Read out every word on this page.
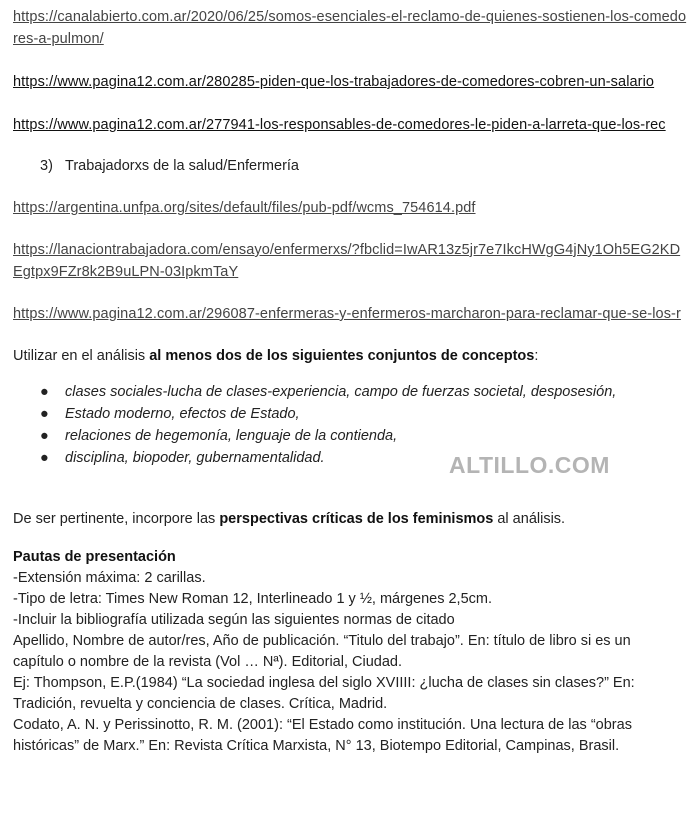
https://canalabierto.com.ar/2020/06/25/somos-esenciales-el-reclamo-de-quienes-sostienen-los-comedores-a-pulmon/
https://www.pagina12.com.ar/280285-piden-que-los-trabajadores-de-comedores-cobren-un-salario
https://www.pagina12.com.ar/277941-los-responsables-de-comedores-le-piden-a-larreta-que-los-rec
3) Trabajadorxs de la salud/Enfermería
https://argentina.unfpa.org/sites/default/files/pub-pdf/wcms_754614.pdf
https://lanaciontrabajadora.com/ensayo/enfermerxs/?fbclid=IwAR13z5jr7e7IkcHWgG4jNy1Oh5EG2KDEgtpx9FZr8k2B9uLPN-03IpkmTaY
https://www.pagina12.com.ar/296087-enfermeras-y-enfermeros-marcharon-para-reclamar-que-se-los-r
Utilizar en el análisis al menos dos de los siguientes conjuntos de conceptos:
● clases sociales-lucha de clases-experiencia, campo de fuerzas societal, desposesión,
● Estado moderno, efectos de Estado,
● relaciones de hegemonía, lenguaje de la contienda,
● disciplina, biopoder, gubernamentalidad.
De ser pertinente, incorpore las perspectivas críticas de los feminismos al análisis.
Pautas de presentación
-Extensión máxima: 2 carillas.
-Tipo de letra: Times New Roman 12, Interlineado 1 y ½, márgenes 2,5cm.
-Incluir la bibliografía utilizada según las siguientes normas de citado
Apellido, Nombre de autor/res, Año de publicación. “Titulo del trabajo”. En: título de libro si es un capítulo o nombre de la revista (Vol … Nª). Editorial, Ciudad.
Ej: Thompson, E.P.(1984) “La sociedad inglesa del siglo XVIIII: ¿lucha de clases sin clases?” En: Tradición, revuelta y conciencia de clases. Crítica, Madrid.
Codato, A. N. y Perissinotto, R. M. (2001): “El Estado como institución. Una lectura de las “obras históricas” de Marx.” En: Revista Crítica Marxista, N° 13, Biotempo Editorial, Campinas, Brasil.
ALTILLO.COM
